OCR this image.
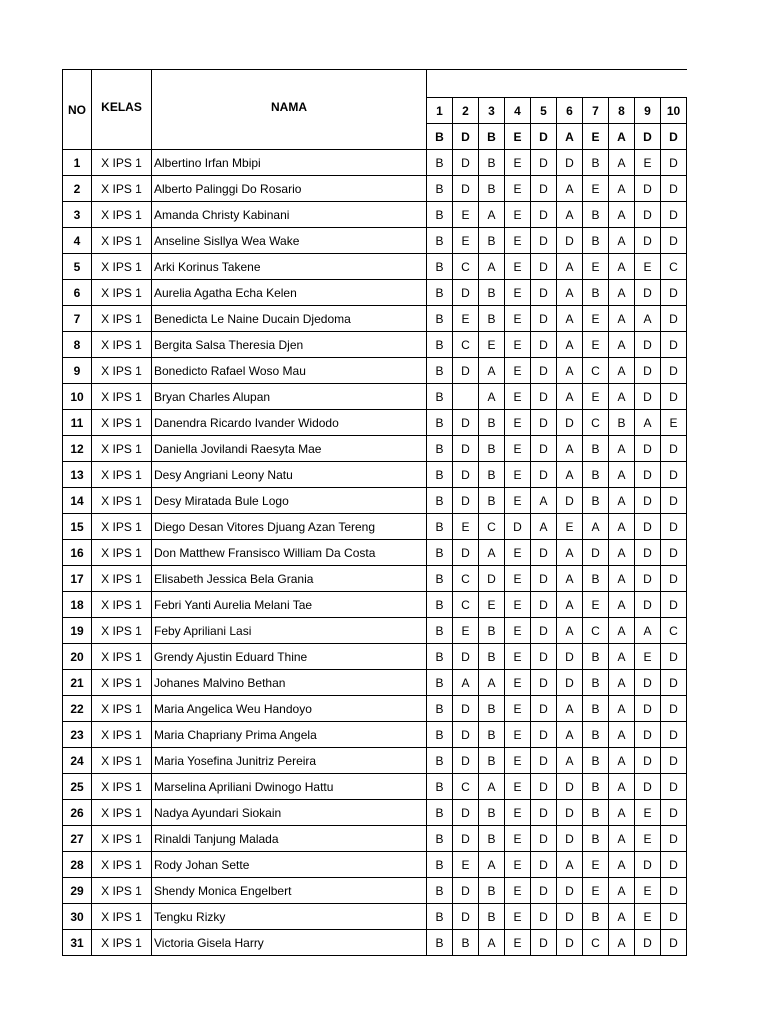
NO	KELAS	NAMA										
			1	2	3	4	5	6	7	8	9	10
			B	D	B	E	D	A	E	A	D	D
1	X IPS 1	Albertino Irfan Mbipi	B	D	B	E	D	D	B	A	E	D
2	X IPS 1	Alberto Palinggi Do Rosario	B	D	B	E	D	A	E	A	D	D
3	X IPS 1	Amanda Christy Kabinani	B	E	A	E	D	A	B	A	D	D
4	X IPS 1	Anseline Sisllya Wea Wake	B	E	B	E	D	D	B	A	D	D
5	X IPS 1	Arki Korinus Takene	B	C	A	E	D	A	E	A	E	C
6	X IPS 1	Aurelia Agatha Echa Kelen	B	D	B	E	D	A	B	A	D	D
7	X IPS 1	Benedicta Le Naine Ducain Djedoma	B	E	B	E	D	A	E	A	A	D
8	X IPS 1	Bergita Salsa Theresia Djen	B	C	E	E	D	A	E	A	D	D
9	X IPS 1	Bonedicto Rafael Woso Mau	B	D	A	E	D	A	C	A	D	D
10	X IPS 1	Bryan Charles Alupan	B		A	E	D	A	E	A	D	D
11	X IPS 1	Danendra Ricardo Ivander Widodo	B	D	B	E	D	D	C	B	A	E
12	X IPS 1	Daniella Jovilandi Raesyta Mae	B	D	B	E	D	A	B	A	D	D
13	X IPS 1	Desy Angriani Leony Natu	B	D	B	E	D	A	B	A	D	D
14	X IPS 1	Desy Miratada Bule Logo	B	D	B	E	A	D	B	A	D	D
15	X IPS 1	Diego Desan Vitores Djuang Azan Tereng	B	E	C	D	A	E	A	A	D	D
16	X IPS 1	Don Matthew Fransisco William Da Costa	B	D	A	E	D	A	D	A	D	D
17	X IPS 1	Elisabeth Jessica Bela Grania	B	C	D	E	D	A	B	A	D	D
18	X IPS 1	Febri Yanti Aurelia Melani Tae	B	C	E	E	D	A	E	A	D	D
19	X IPS 1	Feby Apriliani Lasi	B	E	B	E	D	A	C	A	A	C
20	X IPS 1	Grendy Ajustin Eduard Thine	B	D	B	E	D	D	B	A	E	D
21	X IPS 1	Johanes Malvino Bethan	B	A	A	E	D	D	B	A	D	D
22	X IPS 1	Maria Angelica Weu Handoyo	B	D	B	E	D	A	B	A	D	D
23	X IPS 1	Maria Chapriany Prima Angela	B	D	B	E	D	A	B	A	D	D
24	X IPS 1	Maria Yosefina Junitriz Pereira	B	D	B	E	D	A	B	A	D	D
25	X IPS 1	Marselina Apriliani Dwinogo Hattu	B	C	A	E	D	D	B	A	D	D
26	X IPS 1	Nadya Ayundari Siokain	B	D	B	E	D	D	B	A	E	D
27	X IPS 1	Rinaldi Tanjung Malada	B	D	B	E	D	D	B	A	E	D
28	X IPS 1	Rody Johan Sette	B	E	A	E	D	A	E	A	D	D
29	X IPS 1	Shendy Monica Engelbert	B	D	B	E	D	D	E	A	E	D
30	X IPS 1	Tengku Rizky	B	D	B	E	D	D	B	A	E	D
31	X IPS 1	Victoria Gisela Harry	B	B	A	E	D	D	C	A	D	D
